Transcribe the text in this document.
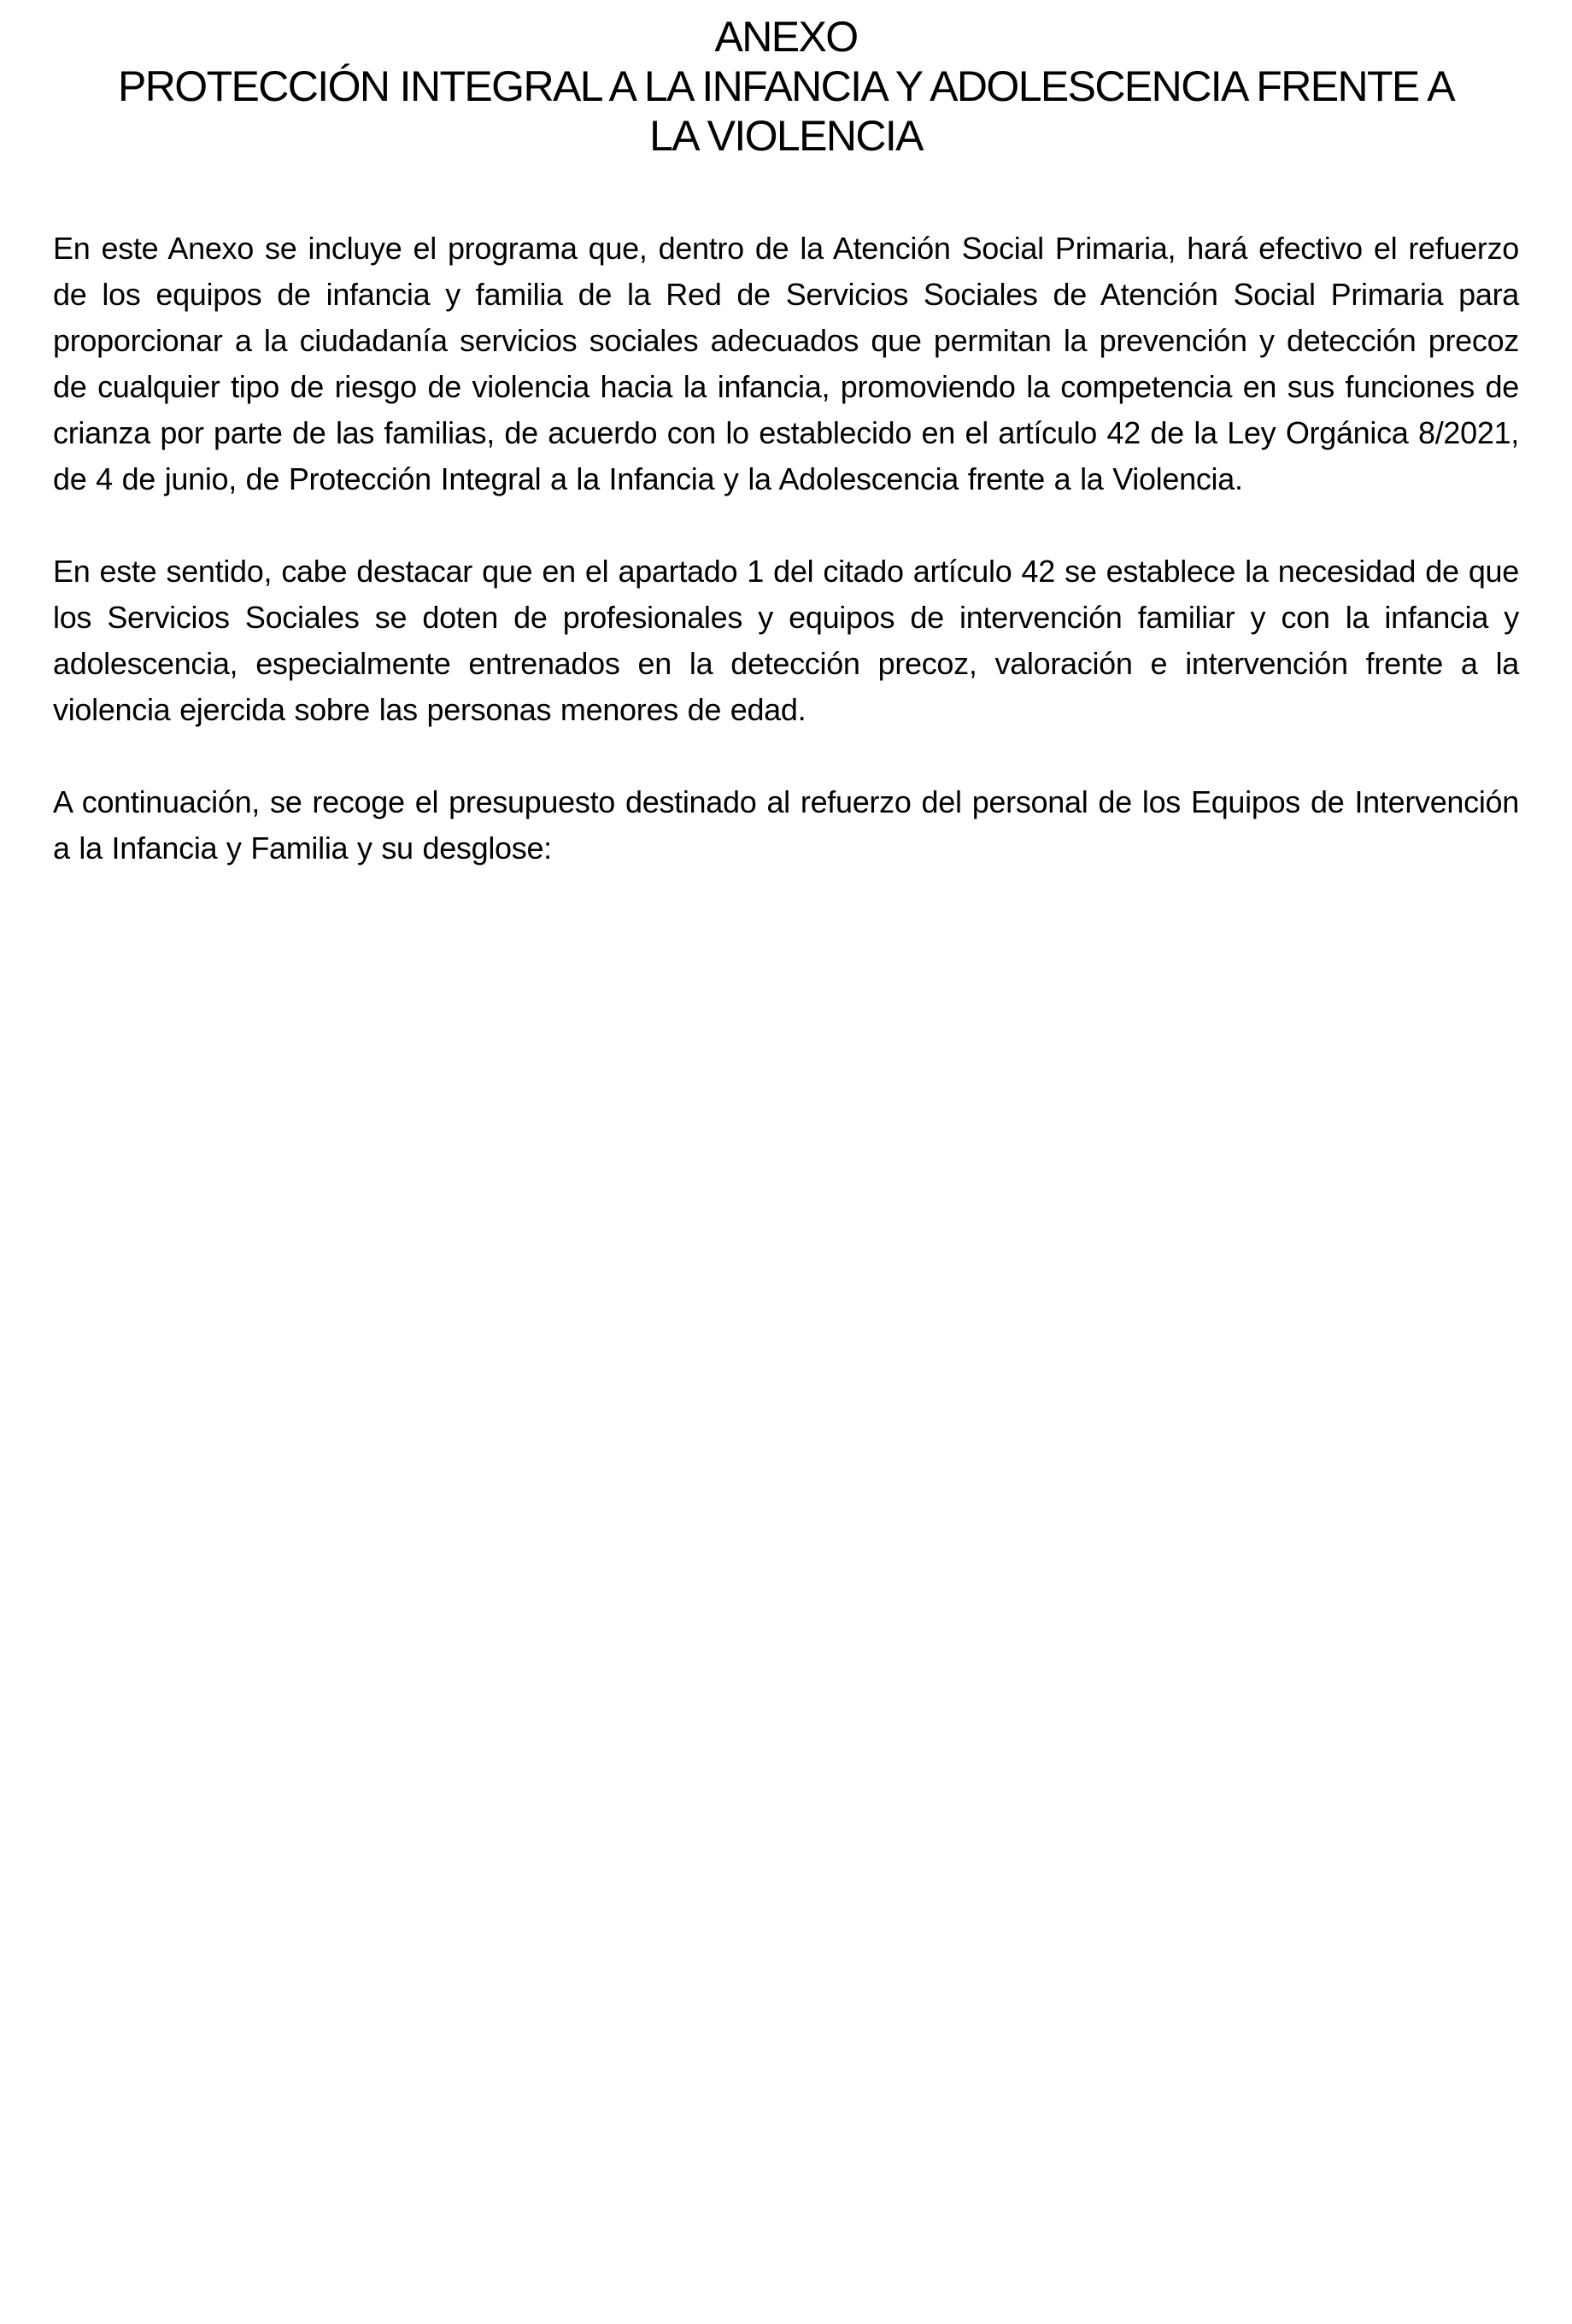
ANEXO
PROTECCIÓN INTEGRAL A LA INFANCIA Y ADOLESCENCIA FRENTE A
LA VIOLENCIA

En este Anexo se incluye el programa que, dentro de la Atención Social Primaria, hará efectivo el refuerzo de los equipos de infancia y familia de la Red de Servicios Sociales de Atención Social Primaria para proporcionar a la ciudadanía servicios sociales adecuados que permitan la prevención y detección precoz de cualquier tipo de riesgo de violencia hacia la infancia, promoviendo la competencia en sus funciones de crianza por parte de las familias, de acuerdo con lo establecido en el artículo 42 de la Ley Orgánica 8/2021, de 4 de junio, de Protección Integral a la Infancia y la Adolescencia frente a la Violencia.

En este sentido, cabe destacar que en el apartado 1 del citado artículo 42 se establece la necesidad de que los Servicios Sociales se doten de profesionales y equipos de intervención familiar y con la infancia y adolescencia, especialmente entrenados en la detección precoz, valoración e intervención frente a la violencia ejercida sobre las personas menores de edad.

A continuación, se recoge el presupuesto destinado al refuerzo del personal de los Equipos de Intervención a la Infancia y Familia y su desglose:
